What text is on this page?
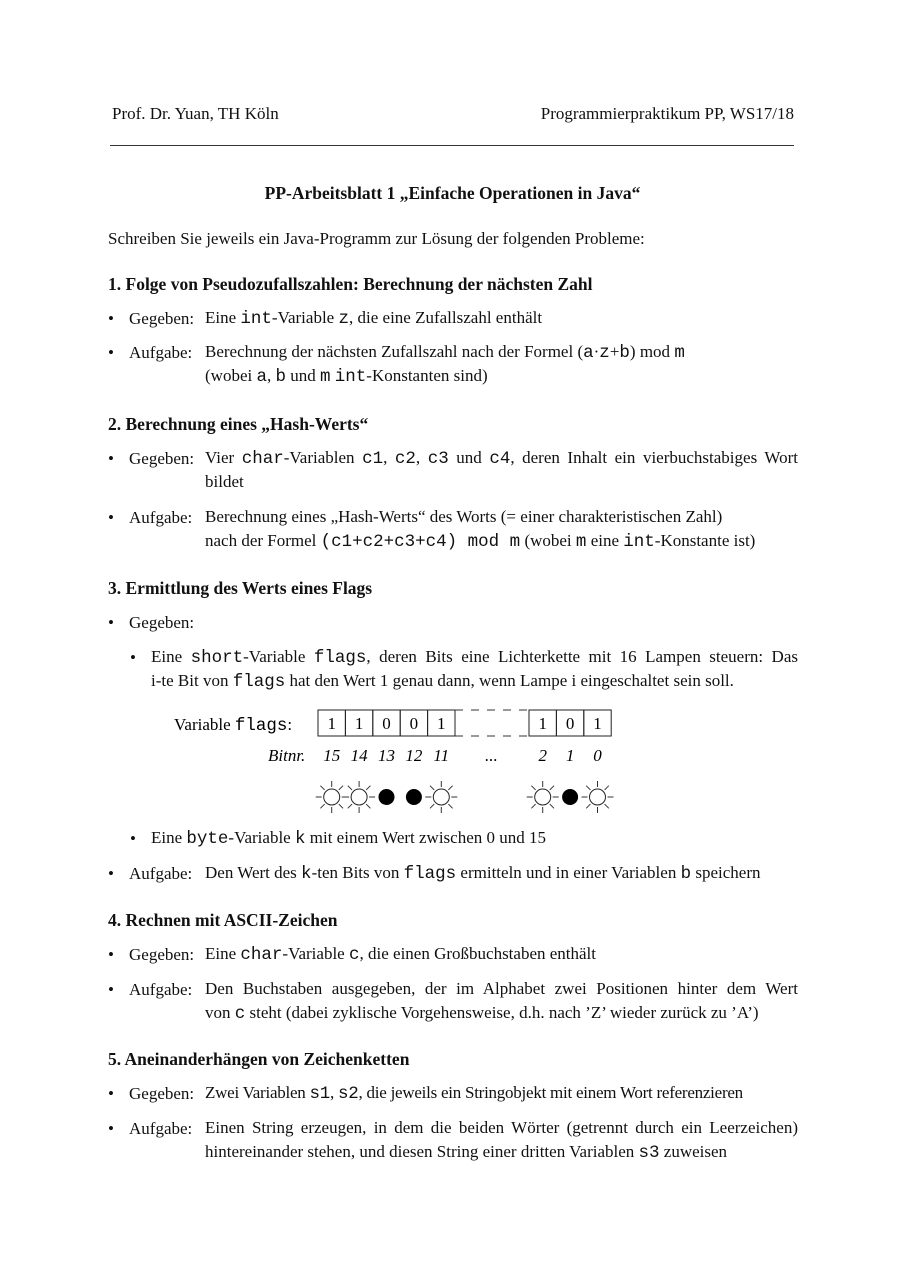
Prof. Dr. Yuan, TH Köln	Programmierpraktikum PP, WS17/18
PP-Arbeitsblatt 1 „Einfache Operationen in Java“
Schreiben Sie jeweils ein Java-Programm zur Lösung der folgenden Probleme:
1. Folge von Pseudozufallszahlen: Berechnung der nächsten Zahl
• Gegeben: Eine int-Variable z, die eine Zufallszahl enthält
• Aufgabe: Berechnung der nächsten Zufallszahl nach der Formel (a·z+b) mod m
(wobei a, b und m int-Konstanten sind)
2. Berechnung eines „Hash-Werts“
• Gegeben: Vier char-Variablen c1, c2, c3 und c4, deren Inhalt ein vierbuchstabiges Wort
bildet
• Aufgabe: Berechnung eines „Hash-Werts“ des Worts (= einer charakteristischen Zahl)
nach der Formel (c1+c2+c3+c4) mod m (wobei m eine int-Konstante ist)
3. Ermittlung des Werts eines Flags
• Gegeben:
• Eine short-Variable flags, deren Bits eine Lichterkette mit 16 Lampen steuern: Das
i-te Bit von flags hat den Wert 1 genau dann, wenn Lampe i eingeschaltet sein soll.
Variable flags: 1 1 0 0 1	1 0 1
Bitnr. 15 14 13 12 11 ... 2 1 0
• Eine byte-Variable k mit einem Wert zwischen 0 und 15
• Aufgabe: Den Wert des k-ten Bits von flags ermitteln und in einer Variablen b speichern
4. Rechnen mit ASCII-Zeichen
• Gegeben: Eine char-Variable c, die einen Großbuchstaben enthält
• Aufgabe: Den Buchstaben ausgegeben, der im Alphabet zwei Positionen hinter dem Wert
von c steht (dabei zyklische Vorgehensweise, d.h. nach ’Z’ wieder zurück zu ’A’)
5. Aneinanderhängen von Zeichenketten
• Gegeben: Zwei Variablen s1, s2, die jeweils ein Stringobjekt mit einem Wort referenzieren
• Aufgabe: Einen String erzeugen, in dem die beiden Wörter (getrennt durch ein Leerzeichen)
hintereinander stehen, und diesen String einer dritten Variablen s3 zuweisen
